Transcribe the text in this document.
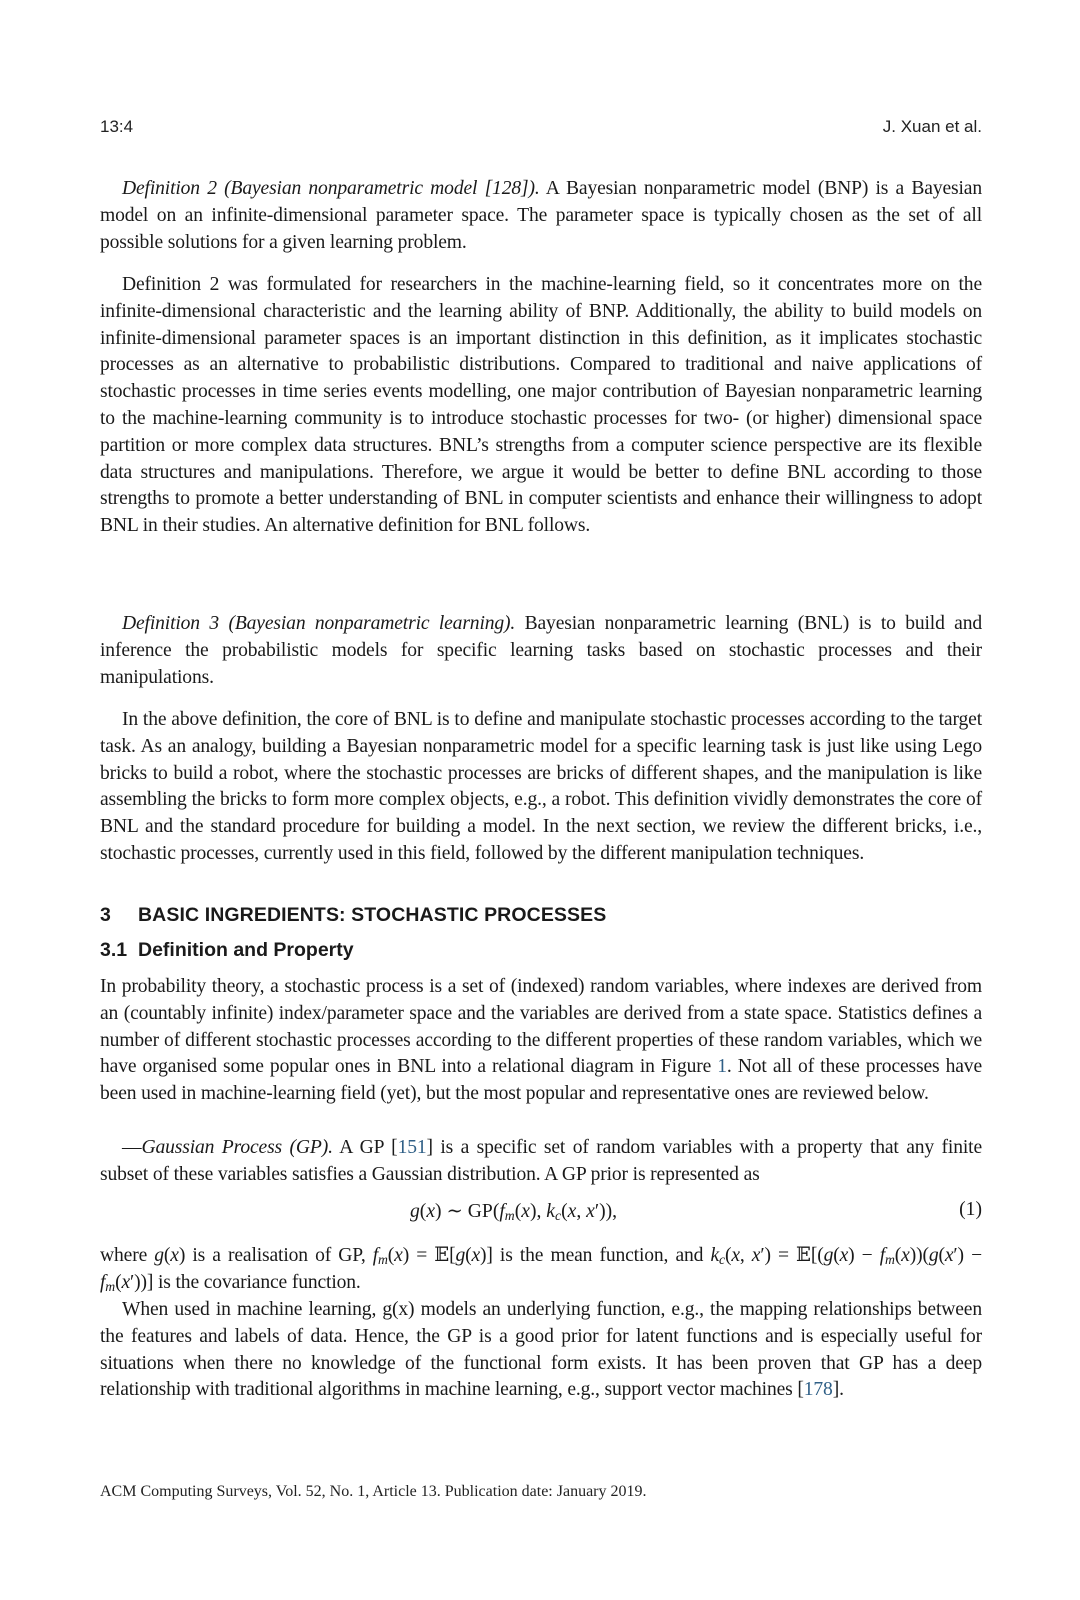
13:4	J. Xuan et al.
Definition 2 (Bayesian nonparametric model [128]). A Bayesian nonparametric model (BNP) is a Bayesian model on an infinite-dimensional parameter space. The parameter space is typically chosen as the set of all possible solutions for a given learning problem.
Definition 2 was formulated for researchers in the machine-learning field, so it concentrates more on the infinite-dimensional characteristic and the learning ability of BNP. Additionally, the ability to build models on infinite-dimensional parameter spaces is an important distinction in this definition, as it implicates stochastic processes as an alternative to probabilistic distributions. Compared to traditional and naive applications of stochastic processes in time series events modelling, one major contribution of Bayesian nonparametric learning to the machine-learning community is to introduce stochastic processes for two- (or higher) dimensional space partition or more complex data structures. BNL’s strengths from a computer science perspective are its flexible data structures and manipulations. Therefore, we argue it would be better to define BNL according to those strengths to promote a better understanding of BNL in computer scientists and enhance their willingness to adopt BNL in their studies. An alternative definition for BNL follows.
Definition 3 (Bayesian nonparametric learning). Bayesian nonparametric learning (BNL) is to build and inference the probabilistic models for specific learning tasks based on stochastic processes and their manipulations.
In the above definition, the core of BNL is to define and manipulate stochastic processes according to the target task. As an analogy, building a Bayesian nonparametric model for a specific learning task is just like using Lego bricks to build a robot, where the stochastic processes are bricks of different shapes, and the manipulation is like assembling the bricks to form more complex objects, e.g., a robot. This definition vividly demonstrates the core of BNL and the standard procedure for building a model. In the next section, we review the different bricks, i.e., stochastic processes, currently used in this field, followed by the different manipulation techniques.
3 BASIC INGREDIENTS: STOCHASTIC PROCESSES
3.1 Definition and Property
In probability theory, a stochastic process is a set of (indexed) random variables, where indexes are derived from an (countably infinite) index/parameter space and the variables are derived from a state space. Statistics defines a number of different stochastic processes according to the different properties of these random variables, which we have organised some popular ones in BNL into a relational diagram in Figure 1. Not all of these processes have been used in machine-learning field (yet), but the most popular and representative ones are reviewed below.
—Gaussian Process (GP). A GP [151] is a specific set of random variables with a property that any finite subset of these variables satisfies a Gaussian distribution. A GP prior is represented as
g(x) ∼ $GP(f_m(x)$, $k_c(x$, x′)),	(1)
where g(x) is a realisation of GP, $f_m(x)$ = 𝔼[g(x)] is the mean function, and $k_c(x$, x′) = 𝔼[(g(x) − $f_m(x))(g(x') - f_m(x'))$] is the covariance function.
When used in machine learning, g(x) models an underlying function, e.g., the mapping relationships between the features and labels of data. Hence, the GP is a good prior for latent functions and is especially useful for situations when there no knowledge of the functional form exists. It has been proven that GP has a deep relationship with traditional algorithms in machine learning, e.g., support vector machines [178].
ACM Computing Surveys, Vol. 52, No. 1, Article 13. Publication date: January 2019.
